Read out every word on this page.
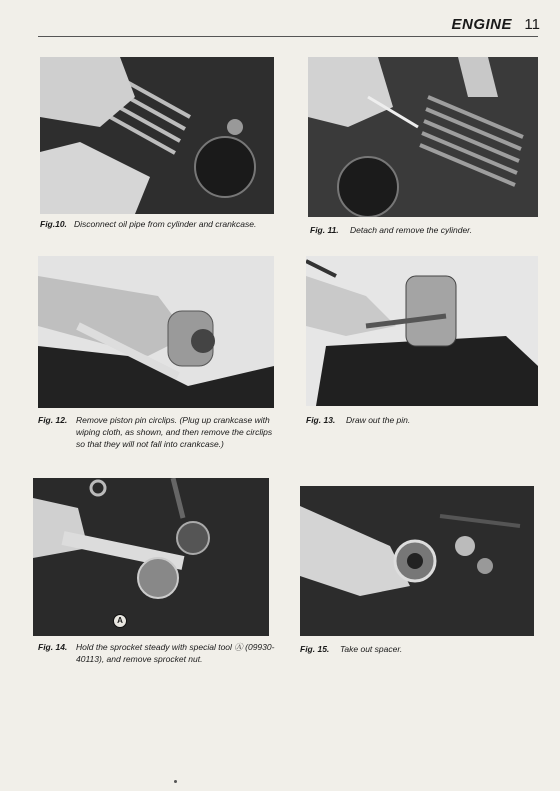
ENGINE 11
Fig.10. Disconnect oil pipe from cylinder and crankcase.
Fig. 11.	Detach and remove the cylinder.
Fig. 12.	Remove piston pin circlips. (Plug up crankcase with wiping cloth, as shown, and then remove the circlips so that they will not fall into crankcase.)
Fig. 13.	Draw out the pin.
A
Fig. 14.	Hold the sprocket steady with special tool Ⓐ (09930-40113), and remove sprocket nut.
Fig. 15.	Take out spacer.
